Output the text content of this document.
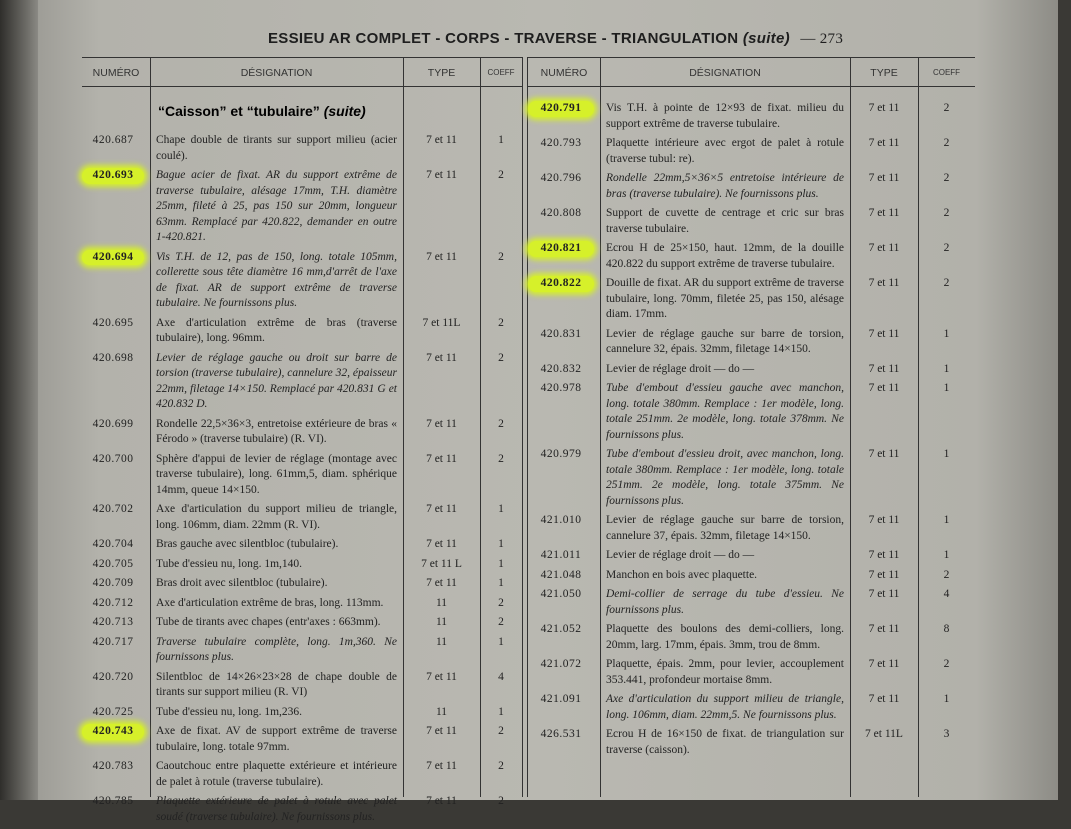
ESSIEU AR COMPLET - CORPS - TRAVERSE - TRIANGULATION (suite) — 273
NUMÉRO	DÉSIGNATION	TYPE	COEFF
“Caisson” et “tubulaire” (suite)
420.687	Chape double de tirants sur support milieu (acier coulé).
7 et 11	1
420.693	Bague acier de fixat. AR du support extrême de traverse tubulaire, alésage 17mm, T.H. diamètre 25mm, fileté à 25, pas 150 sur 20mm, longueur 63mm. Remplacé par 420.822, demander en outre 1-420.821.
7 et 11	2
420.694	Vis T.H. de 12, pas de 150, long. totale 105mm, collerette sous tête diamètre 16 mm,d'arrêt de l'axe de fixat. AR de support extrême de traverse tubulaire. Ne fournissons plus.
7 et 11	2
420.695	Axe d'articulation extrême de bras (traverse tubulaire), long. 96mm.
7 et 11L	2
420.698	Levier de réglage gauche ou droit sur barre de torsion (traverse tubulaire), cannelure 32, épaisseur 22mm, filetage 14×150. Remplacé par 420.831 G et 420.832 D.
7 et 11	2
420.699	Rondelle 22,5×36×3, entretoise extérieure de bras « Férodo » (traverse tubulaire) (R. VI).
7 et 11	2
420.700	Sphère d'appui de levier de réglage (montage avec traverse tubulaire), long. 61mm,5, diam. sphérique 14mm, queue 14×150.
7 et 11	2
420.702	Axe d'articulation du support milieu de triangle, long. 106mm, diam. 22mm (R. VI).
7 et 11	1
420.704	Bras gauche avec silentbloc (tubulaire).	7 et 11	1
420.705	Tube d'essieu nu, long. 1m,140.	7 et 11 L	1
420.709	Bras droit avec silentbloc (tubulaire).	7 et 11	1
420.712	Axe d'articulation extrême de bras, long. 113mm.	11	2
420.713	Tube de tirants avec chapes (entr'axes : 663mm).	11	2
420.717	Traverse tubulaire complète, long. 1m,360. Ne fournissons plus.
11	1
420.720	Silentbloc de 14×26×23×28 de chape double de tirants sur support milieu (R. VI)
7 et 11	4
420.725	Tube d'essieu nu, long. 1m,236.	11	1
420.743	Axe de fixat. AV de support extrême de traverse tubulaire, long. totale 97mm.
7 et 11	2
420.783	Caoutchouc entre plaquette extérieure et intérieure de palet à rotule (traverse tubulaire).
7 et 11	2
420.785	Plaquette extérieure de palet à rotule avec palet soudé (traverse tubulaire). Ne fournissons plus.
7 et 11	2
NUMÉRO	DÉSIGNATION	TYPE	COEFF
420.791	Vis T.H. à pointe de 12×93 de fixat. milieu du support extrême de traverse tubulaire.
7 et 11	2
420.793	Plaquette intérieure avec ergot de palet à rotule (traverse tubul: re).
7 et 11	2
420.796	Rondelle 22mm,5×36×5 entretoise intérieure de bras (traverse tubulaire). Ne fournissons plus.
7 et 11	2
420.808	Support de cuvette de centrage et cric sur bras traverse tubulaire.
7 et 11	2
420.821	Ecrou H de 25×150, haut. 12mm, de la douille 420.822 du support extrême de traverse tubulaire.
7 et 11	2
420.822	Douille de fixat. AR du support extrême de traverse tubulaire, long. 70mm, filetée 25, pas 150, alésage diam. 17mm.
7 et 11	2
420.831	Levier de réglage gauche sur barre de torsion, cannelure 32, épais. 32mm, filetage 14×150.
7 et 11	1
420.832	Levier de réglage droit — do —	7 et 11	1
420.978	Tube d'embout d'essieu gauche avec manchon, long. totale 380mm. Remplace : 1er modèle, long. totale 251mm. 2e modèle, long. totale 378mm. Ne fournissons plus.
7 et 11	1
420.979	Tube d'embout d'essieu droit, avec manchon, long. totale 380mm. Remplace : 1er modèle, long. totale 251mm. 2e modèle, long. totale 375mm. Ne fournissons plus.
7 et 11	1
421.010	Levier de réglage gauche sur barre de torsion, cannelure 37, épais. 32mm, filetage 14×150.
7 et 11	1
421.011	Levier de réglage droit — do —	7 et 11	1
421.048	Manchon en bois avec plaquette.	7 et 11	2
421.050	Demi-collier de serrage du tube d'essieu. Ne fournissons plus.
7 et 11	4
421.052	Plaquette des boulons des demi-colliers, long. 20mm, larg. 17mm, épais. 3mm, trou de 8mm.
7 et 11	8
421.072	Plaquette, épais. 2mm, pour levier, accouplement 353.441, profondeur mortaise 8mm.
7 et 11	2
421.091	Axe d'articulation du support milieu de triangle, long. 106mm, diam. 22mm,5. Ne fournissons plus.
7 et 11	1
426.531	Ecrou H de 16×150 de fixat. de triangulation sur traverse (caisson).
7 et 11L	3
